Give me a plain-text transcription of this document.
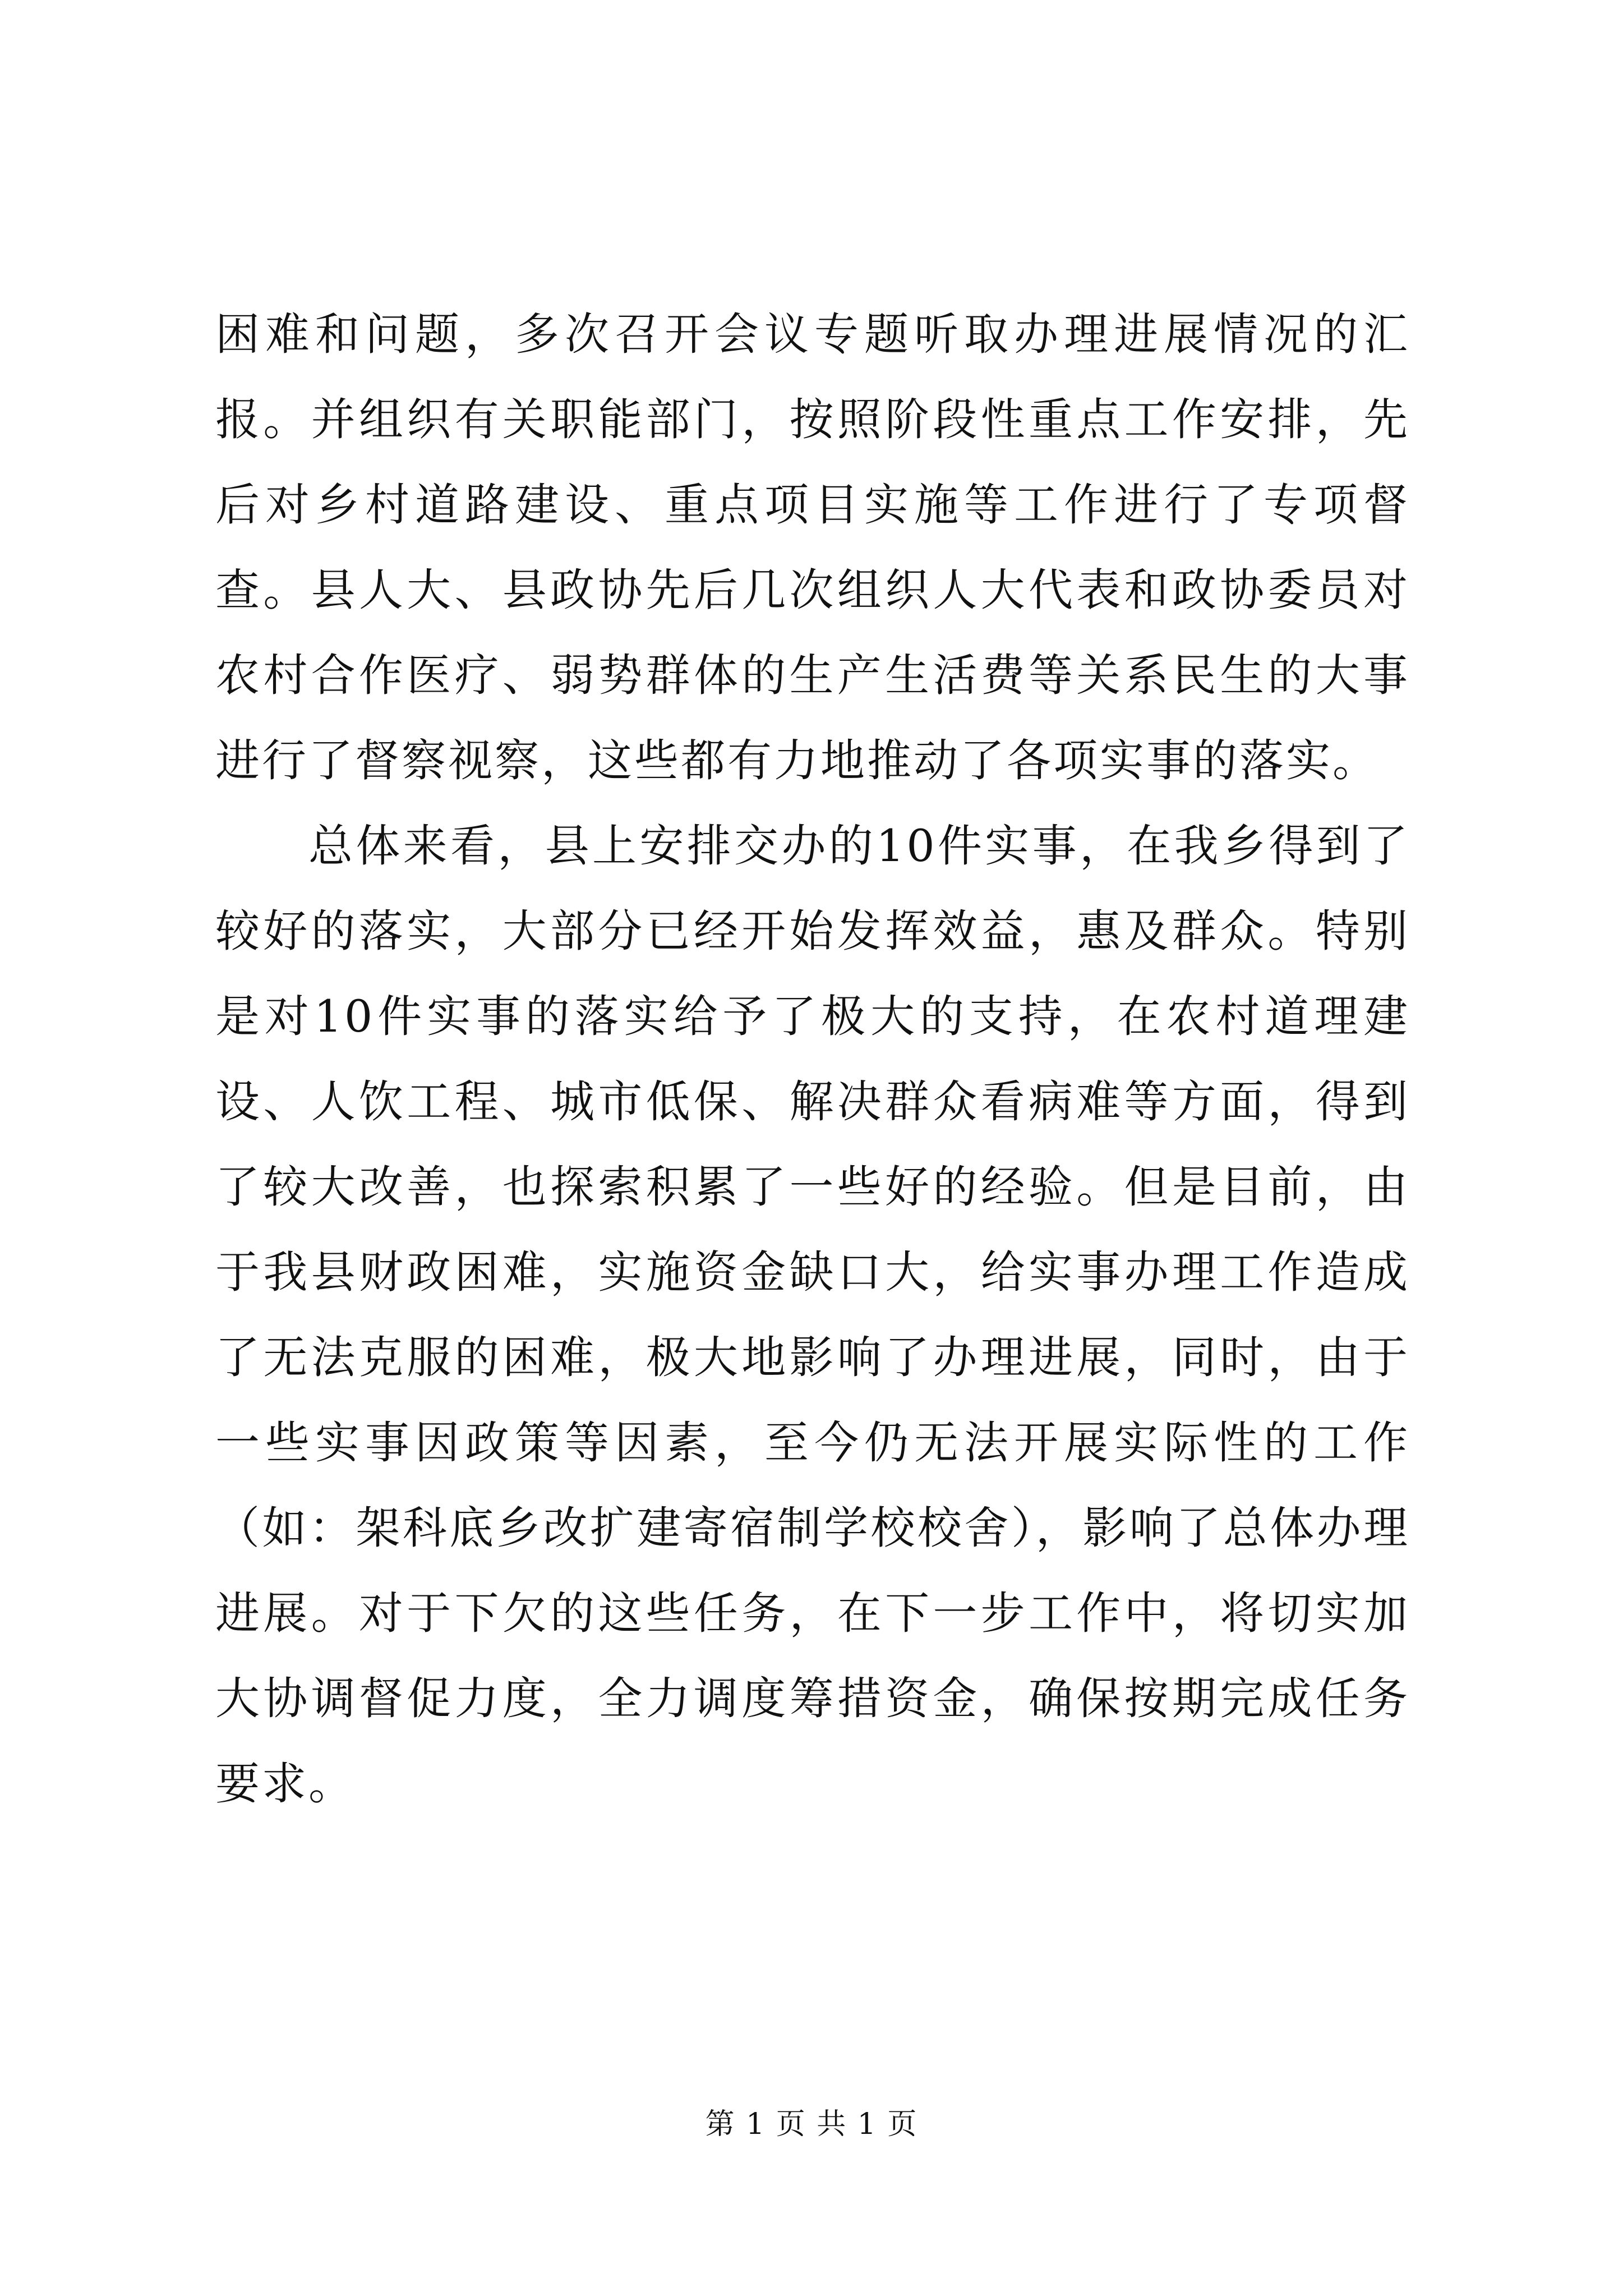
困难和问题，多次召开会议专题听取办理进展情况的汇报。并组织有关职能部门，按照阶段性重点工作安排，先后对乡村道路建设、重点项目实施等工作进行了专项督查。县人大、县政协先后几次组织人大代表和政协委员对农村合作医疗、弱势群体的生产生活费等关系民生的大事进行了督察视察，这些都有力地推动了各项实事的落实。

总体来看，县上安排交办的10件实事，在我乡得到了较好的落实，大部分已经开始发挥效益，惠及群众。特别是对10件实事的落实给予了极大的支持，在农村道理建设、人饮工程、城市低保、解决群众看病难等方面，得到了较大改善，也探索积累了一些好的经验。但是目前，由于我县财政困难，实施资金缺口大，给实事办理工作造成了无法克服的困难，极大地影响了办理进展，同时，由于一些实事因政策等因素，至今仍无法开展实际性的工作（如：架科底乡改扩建寄宿制学校校舍），影响了总体办理进展。对于下欠的这些任务，在下一步工作中，将切实加大协调督促力度，全力调度筹措资金，确保按期完成任务要求。

第 1 页 共 1 页
